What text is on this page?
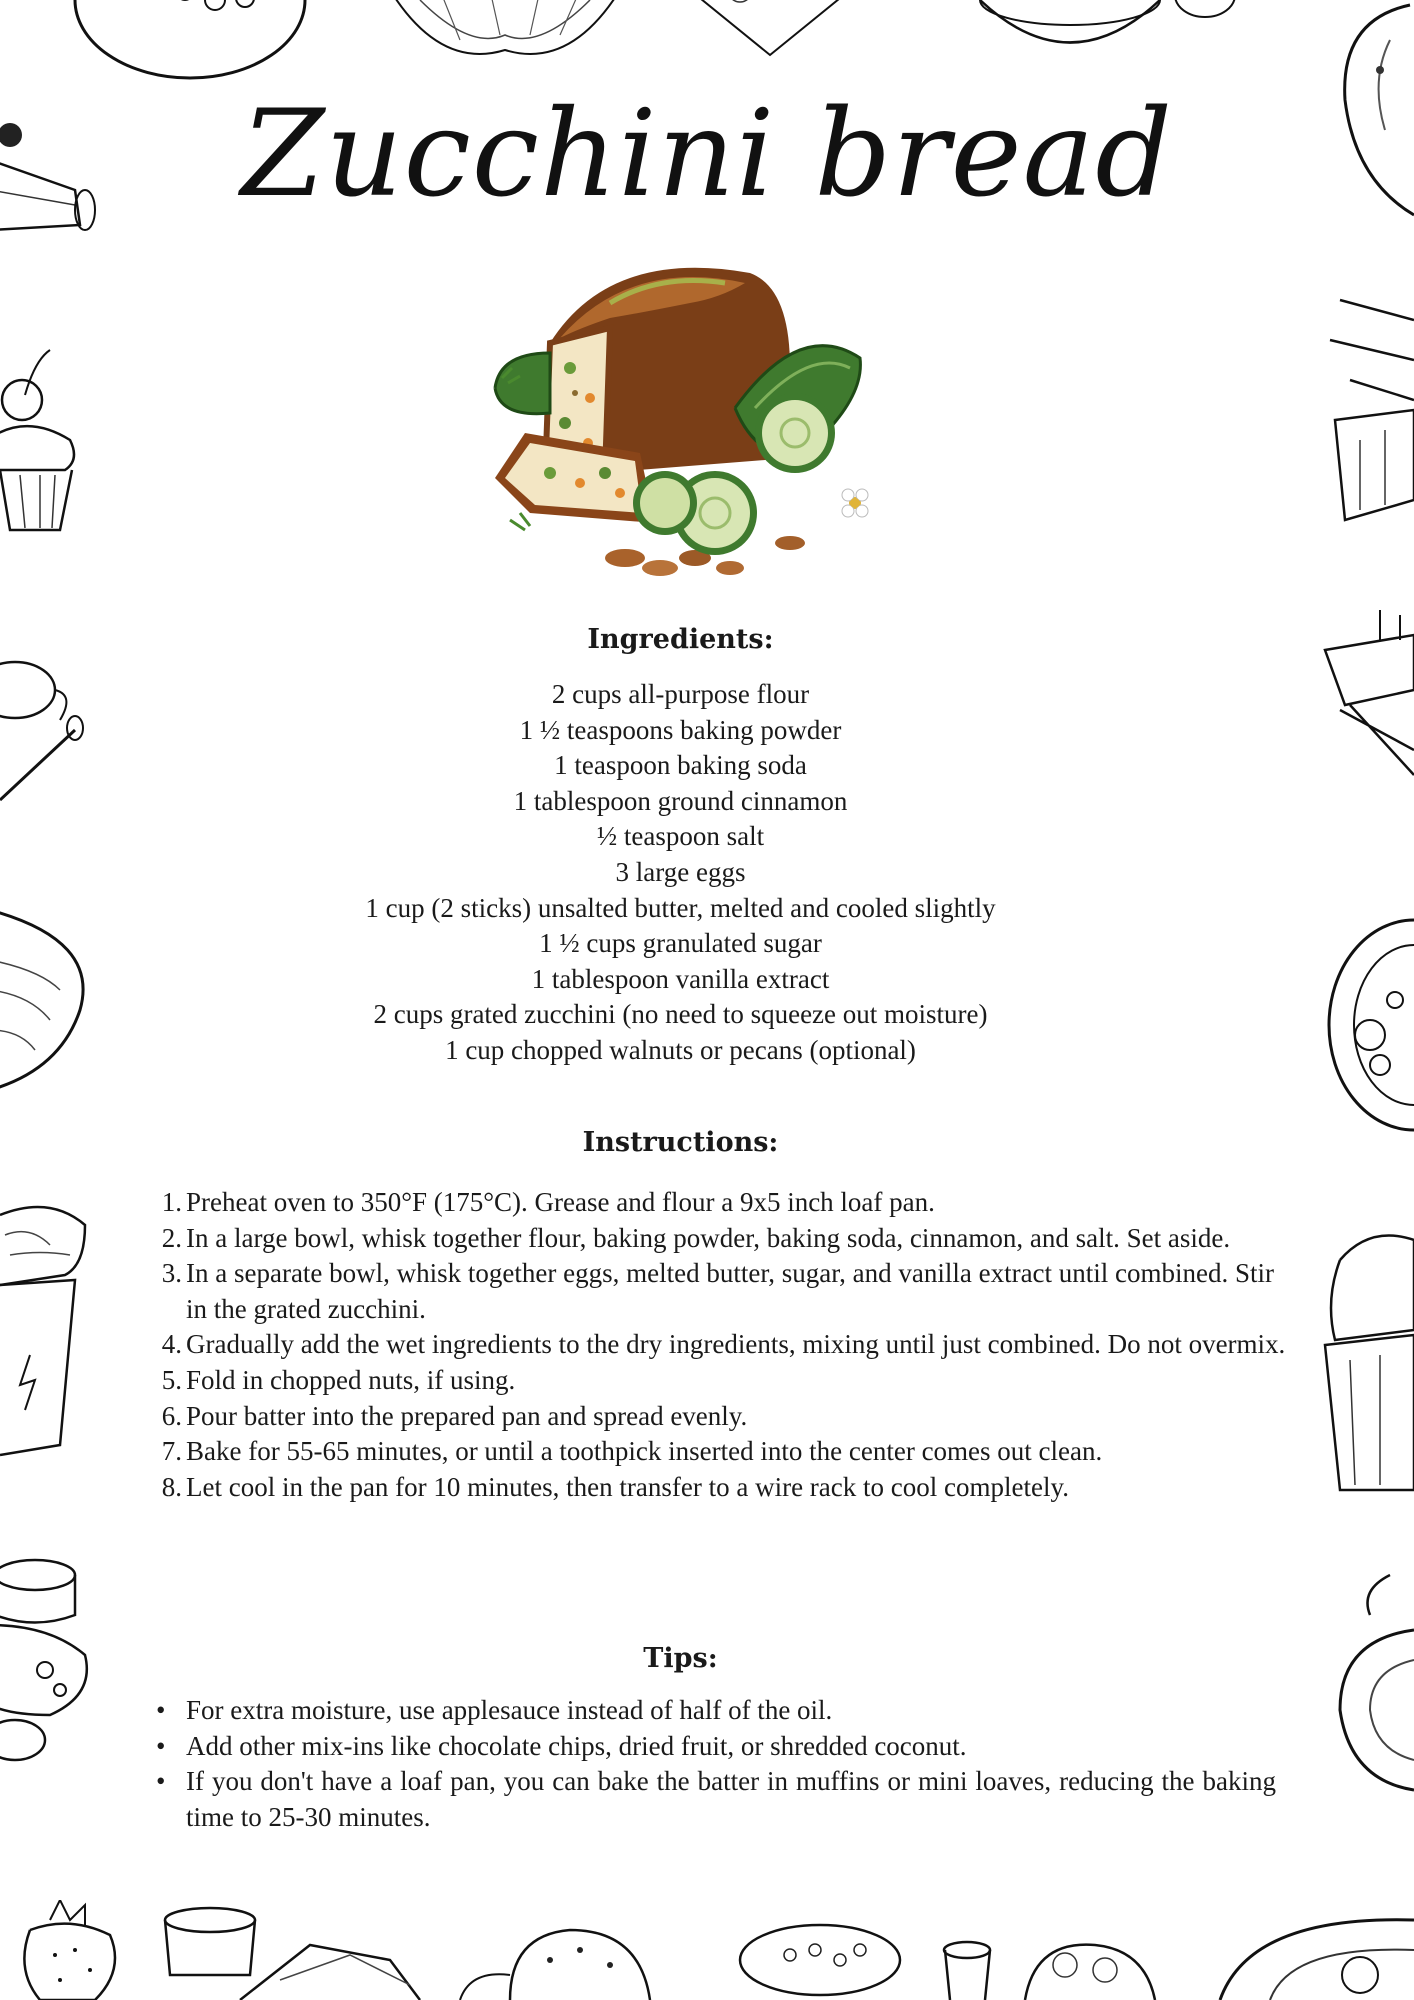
Zucchini bread
Ingredients:
2 cups all-purpose flour
1 ½ teaspoons baking powder
1 teaspoon baking soda
1 tablespoon ground cinnamon
½ teaspoon salt
3 large eggs
1 cup (2 sticks) unsalted butter, melted and cooled slightly
1 ½ cups granulated sugar
1 tablespoon vanilla extract
2 cups grated zucchini (no need to squeeze out moisture)
1 cup chopped walnuts or pecans (optional)
Instructions:
1. Preheat oven to 350°F (175°C). Grease and flour a 9x5 inch loaf pan.
2. In a large bowl, whisk together flour, baking powder, baking soda, cinnamon, and salt. Set aside.
3. In a separate bowl, whisk together eggs, melted butter, sugar, and vanilla extract until combined. Stir in the grated zucchini.
4. Gradually add the wet ingredients to the dry ingredients, mixing until just combined. Do not overmix.
5. Fold in chopped nuts, if using.
6. Pour batter into the prepared pan and spread evenly.
7. Bake for 55-65 minutes, or until a toothpick inserted into the center comes out clean.
8. Let cool in the pan for 10 minutes, then transfer to a wire rack to cool completely.
Tips:
• For extra moisture, use applesauce instead of half of the oil.
• Add other mix-ins like chocolate chips, dried fruit, or shredded coconut.
• If you don't have a loaf pan, you can bake the batter in muffins or mini loaves, reducing the baking time to 25-30 minutes.
